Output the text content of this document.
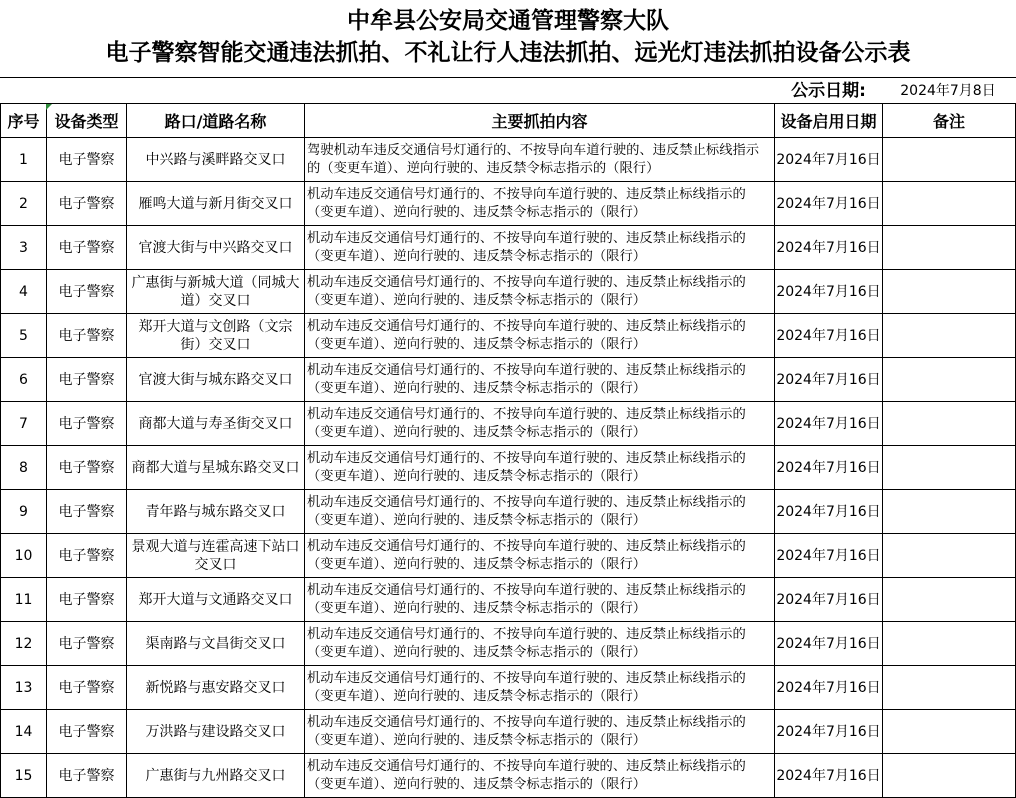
中牟县公安局交通管理警察大队
电子警察智能交通违法抓拍、不礼让行人违法抓拍、远光灯违法抓拍设备公示表
公示日期:	2024年7月8日
序号	设备类型	路口/道路名称	主要抓拍内容	设备启用日期	备注
1	电子警察	中兴路与溪畔路交叉口	驾驶机动车违反交通信号灯通行的、不按导向车道行驶的、违反禁止标线指示的（变更车道）、逆向行驶的、违反禁令标志指示的（限行）	2024年7月16日	
2	电子警察	雁鸣大道与新月街交叉口	机动车违反交通信号灯通行的、不按导向车道行驶的、违反禁止标线指示的（变更车道）、逆向行驶的、违反禁令标志指示的（限行）	2024年7月16日	
3	电子警察	官渡大街与中兴路交叉口	机动车违反交通信号灯通行的、不按导向车道行驶的、违反禁止标线指示的（变更车道）、逆向行驶的、违反禁令标志指示的（限行）	2024年7月16日	
4	电子警察	广惠街与新城大道（同城大道）交叉口	机动车违反交通信号灯通行的、不按导向车道行驶的、违反禁止标线指示的（变更车道）、逆向行驶的、违反禁令标志指示的（限行）	2024年7月16日	
5	电子警察	郑开大道与文创路（文宗街）交叉口	机动车违反交通信号灯通行的、不按导向车道行驶的、违反禁止标线指示的（变更车道）、逆向行驶的、违反禁令标志指示的（限行）	2024年7月16日	
6	电子警察	官渡大街与城东路交叉口	机动车违反交通信号灯通行的、不按导向车道行驶的、违反禁止标线指示的（变更车道）、逆向行驶的、违反禁令标志指示的（限行）	2024年7月16日	
7	电子警察	商都大道与寿圣街交叉口	机动车违反交通信号灯通行的、不按导向车道行驶的、违反禁止标线指示的（变更车道）、逆向行驶的、违反禁令标志指示的（限行）	2024年7月16日	
8	电子警察	商都大道与星城东路交叉口	机动车违反交通信号灯通行的、不按导向车道行驶的、违反禁止标线指示的（变更车道）、逆向行驶的、违反禁令标志指示的（限行）	2024年7月16日	
9	电子警察	青年路与城东路交叉口	机动车违反交通信号灯通行的、不按导向车道行驶的、违反禁止标线指示的（变更车道）、逆向行驶的、违反禁令标志指示的（限行）	2024年7月16日	
10	电子警察	景观大道与连霍高速下站口交叉口	机动车违反交通信号灯通行的、不按导向车道行驶的、违反禁止标线指示的（变更车道）、逆向行驶的、违反禁令标志指示的（限行）	2024年7月16日	
11	电子警察	郑开大道与文通路交叉口	机动车违反交通信号灯通行的、不按导向车道行驶的、违反禁止标线指示的（变更车道）、逆向行驶的、违反禁令标志指示的（限行）	2024年7月16日	
12	电子警察	渠南路与文昌街交叉口	机动车违反交通信号灯通行的、不按导向车道行驶的、违反禁止标线指示的（变更车道）、逆向行驶的、违反禁令标志指示的（限行）	2024年7月16日	
13	电子警察	新悦路与惠安路交叉口	机动车违反交通信号灯通行的、不按导向车道行驶的、违反禁止标线指示的（变更车道）、逆向行驶的、违反禁令标志指示的（限行）	2024年7月16日	
14	电子警察	万洪路与建设路交叉口	机动车违反交通信号灯通行的、不按导向车道行驶的、违反禁止标线指示的（变更车道）、逆向行驶的、违反禁令标志指示的（限行）	2024年7月16日	
15	电子警察	广惠街与九州路交叉口	机动车违反交通信号灯通行的、不按导向车道行驶的、违反禁止标线指示的（变更车道）、逆向行驶的、违反禁令标志指示的（限行）	2024年7月16日	
